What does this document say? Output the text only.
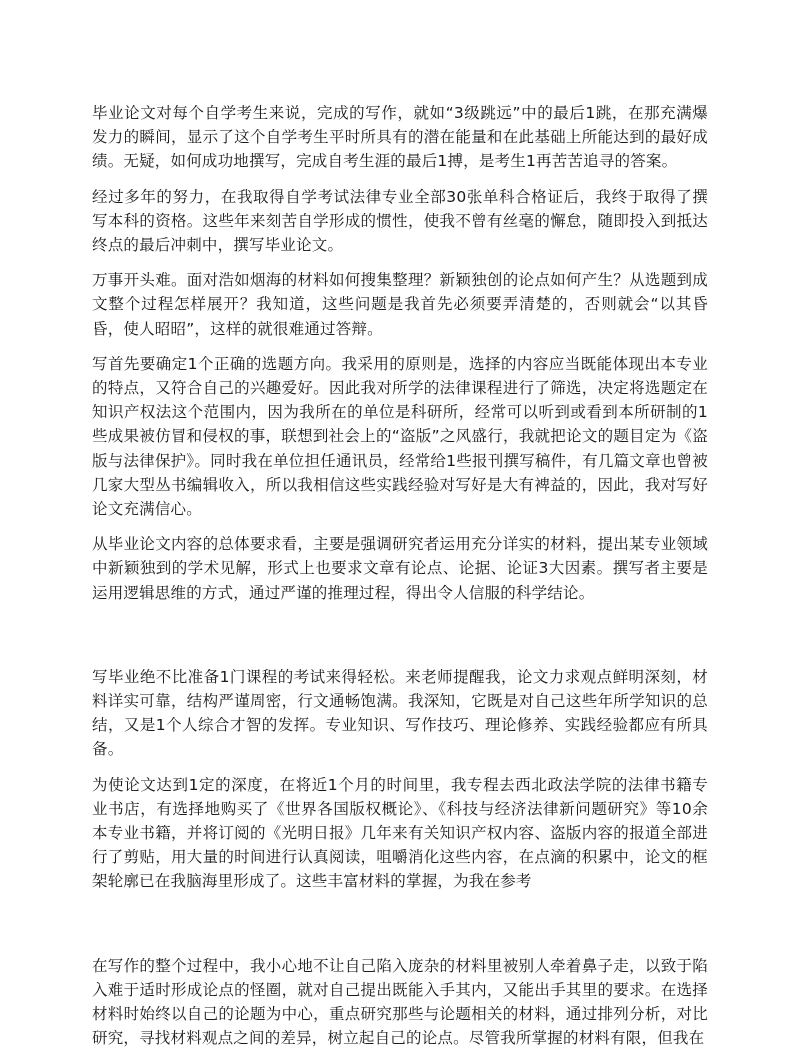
毕业论文对每个自学考生来说，完成的写作，就如“3级跳远”中的最后1跳，在那充满爆发力的瞬间，显示了这个自学考生平时所具有的潜在能量和在此基础上所能达到的最好成绩。无疑，如何成功地撰写，完成自考生涯的最后1搏，是考生1再苦苦追寻的答案。

经过多年的努力，在我取得自学考试法律专业全部30张单科合格证后，我终于取得了撰写本科的资格。这些年来刻苦自学形成的惯性，使我不曾有丝毫的懈怠，随即投入到抵达终点的最后冲刺中，撰写毕业论文。

万事开头难。面对浩如烟海的材料如何搜集整理？新颖独创的论点如何产生？从选题到成文整个过程怎样展开？我知道，这些问题是我首先必须要弄清楚的，否则就会“以其昏昏，使人昭昭”，这样的就很难通过答辩。

写首先要确定1个正确的选题方向。我采用的原则是，选择的内容应当既能体现出本专业的特点，又符合自己的兴趣爱好。因此我对所学的法律课程进行了筛选，决定将选题定在知识产权法这个范围内，因为我所在的单位是科研所，经常可以听到或看到本所研制的1些成果被仿冒和侵权的事，联想到社会上的“盗版”之风盛行，我就把论文的题目定为《盗版与法律保护》。同时我在单位担任通讯员，经常给1些报刊撰写稿件，有几篇文章也曾被几家大型丛书编辑收入，所以我相信这些实践经验对写好是大有裨益的，因此，我对写好论文充满信心。

从毕业论文内容的总体要求看，主要是强调研究者运用充分详实的材料，提出某专业领域中新颖独到的学术见解，形式上也要求文章有论点、论据、论证3大因素。撰写者主要是运用逻辑思维的方式，通过严谨的推理过程，得出令人信服的科学结论。

写毕业绝不比准备1门课程的考试来得轻松。来老师提醒我，论文力求观点鲜明深刻，材料详实可靠，结构严谨周密，行文通畅饱满。我深知，它既是对自己这些年所学知识的总结，又是1个人综合才智的发挥。专业知识、写作技巧、理论修养、实践经验都应有所具备。

为使论文达到1定的深度，在将近1个月的时间里，我专程去西北政法学院的法律书籍专业书店，有选择地购买了《世界各国版权概论》、《科技与经济法律新问题研究》等10余本专业书籍，并将订阅的《光明日报》几年来有关知识产权内容、盗版内容的报道全部进行了剪贴，用大量的时间进行认真阅读，咀嚼消化这些内容，在点滴的积累中，论文的框架轮廓已在我脑海里形成了。这些丰富材料的掌握，为我在参考

在写作的整个过程中，我小心地不让自己陷入庞杂的材料里被别人牵着鼻子走，以致于陷入难于适时形成论点的怪圈，就对自己提出既能入手其内，又能出手其里的要求。在选择材料时始终以自己的论题为中心，重点研究那些与论题相关的材料，通过排列分析，对比研究，寻找材料观点之间的差异，树立起自己的论点。尽管我所掌握的材料有限，但我在
